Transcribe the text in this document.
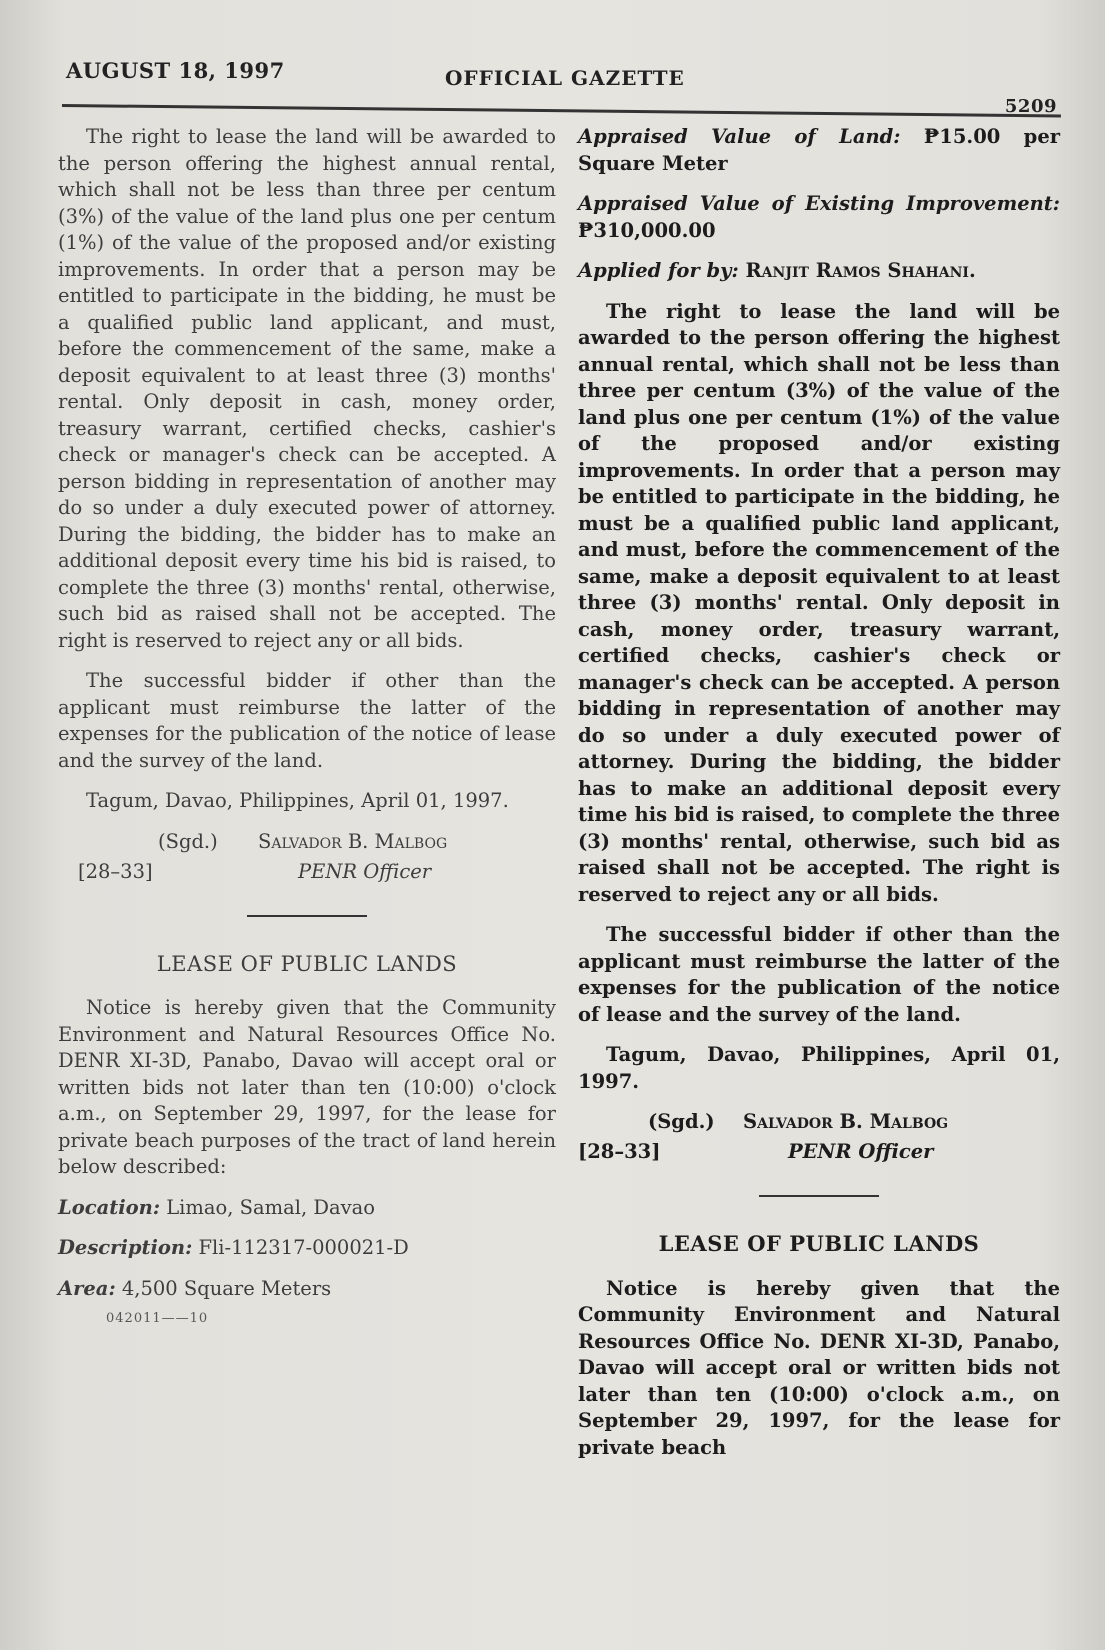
AUGUST 18, 1997	OFFICIAL GAZETTE
5209

The right to lease the land will be awarded to the person offering the highest annual rental, which shall not be less than three per centum (3%) of the value of the land plus one per centum (1%) of the value of the proposed and/or existing improvements. In order that a person may be entitled to participate in the bidding, he must be a qualified public land applicant, and must, before the commencement of the same, make a deposit equivalent to at least three (3) months' rental. Only deposit in cash, money order, treasury warrant, certified checks, cashier's check or manager's check can be accepted. A person bidding in representation of another may do so under a duly executed power of attorney. During the bidding, the bidder has to make an additional deposit every time his bid is raised, to complete the three (3) months' rental, otherwise, such bid as raised shall not be accepted. The right is reserved to reject any or all bids.

The successful bidder if other than the applicant must reimburse the latter of the expenses for the publication of the notice of lease and the survey of the land.

Tagum, Davao, Philippines, April 01, 1997.

(Sgd.) Salvador B. Malbog
[28–33]	PENR Officer
LEASE OF PUBLIC LANDS

Notice is hereby given that the Community Environment and Natural Resources Office No. DENR XI-3D, Panabo, Davao will accept oral or written bids not later than ten (10:00) o'clock a.m., on September 29, 1997, for the lease for private beach purposes of the tract of land herein below described:

Location: Limao, Samal, Davao

Description: Fli-112317-000021-D

Area: 4,500 Square Meters

042011——10

Appraised Value of Land: ₱15.00 per Square Meter

Appraised Value of Existing Improvement: ₱310,000.00

Applied for by: Ranjit Ramos Shahani.

The right to lease the land will be awarded to the person offering the highest annual rental, which shall not be less than three per centum (3%) of the value of the land plus one per centum (1%) of the value of the proposed and/or existing improvements. In order that a person may be entitled to participate in the bidding, he must be a qualified public land applicant, and must, before the commencement of the same, make a deposit equivalent to at least three (3) months' rental. Only deposit in cash, money order, treasury warrant, certified checks, cashier's check or manager's check can be accepted. A person bidding in representation of another may do so under a duly executed power of attorney. During the bidding, the bidder has to make an additional deposit every time his bid is raised, to complete the three (3) months' rental, otherwise, such bid as raised shall not be accepted. The right is reserved to reject any or all bids.

The successful bidder if other than the applicant must reimburse the latter of the expenses for the publication of the notice of lease and the survey of the land.

Tagum, Davao, Philippines, April 01, 1997.

(Sgd.) Salvador B. Malbog
[28–33]	PENR Officer
LEASE OF PUBLIC LANDS

Notice is hereby given that the Community Environment and Natural Resources Office No. DENR XI-3D, Panabo, Davao will accept oral or written bids not later than ten (10:00) o'clock a.m., on September 29, 1997, for the lease for private beach
